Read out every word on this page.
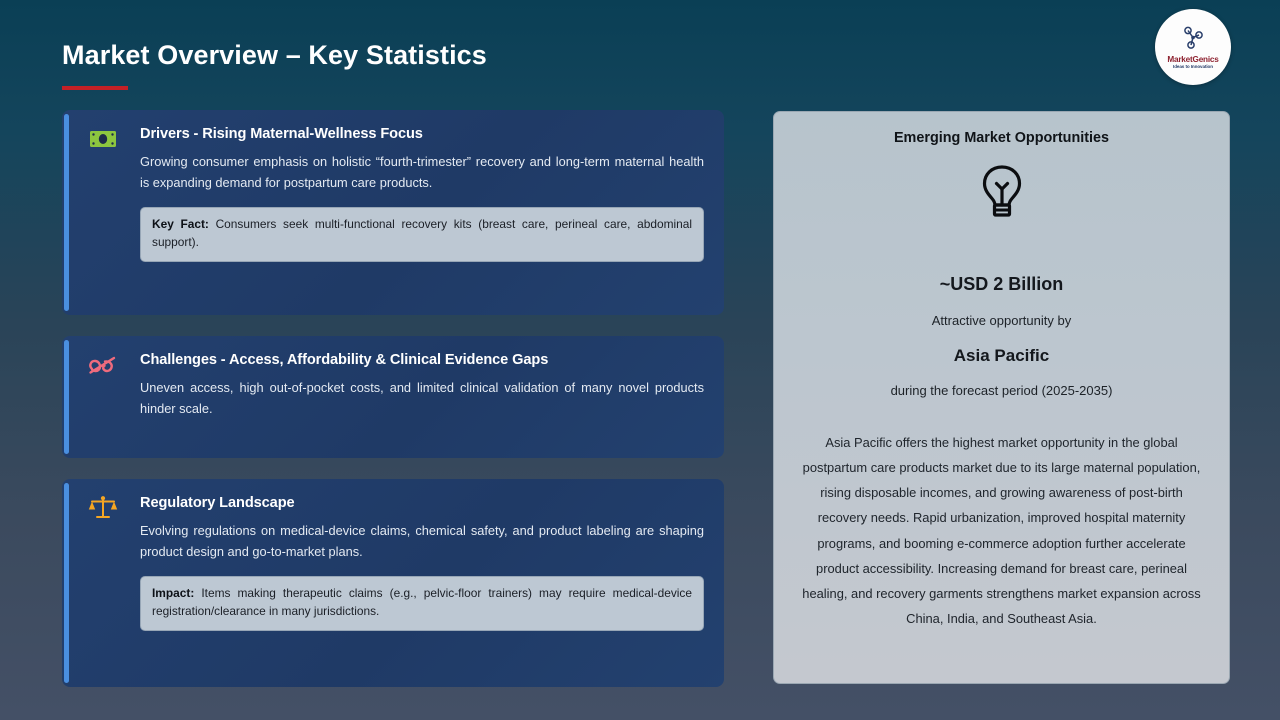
Market Overview – Key Statistics	MarketGenics
Ideas to Innovation
Drivers - Rising Maternal-Wellness Focus

Growing consumer emphasis on holistic “fourth-trimester” recovery and long-term maternal health is expanding demand for postpartum care products.

Key Fact: Consumers seek multi-functional recovery kits (breast care, perineal care, abdominal support).
Challenges - Access, Affordability & Clinical Evidence Gaps

Uneven access, high out-of-pocket costs, and limited clinical validation of many novel products hinder scale.

Regulatory Landscape

Evolving regulations on medical-device claims, chemical safety, and product labeling are shaping product design and go-to-market plans.

Impact: Items making therapeutic claims (e.g., pelvic-floor trainers) may require medical-device registration/clearance in many jurisdictions.
Emerging Market Opportunities
~USD 2 Billion
Attractive opportunity by
Asia Pacific
during the forecast period (2025-2035)
Asia Pacific offers the highest market opportunity in the global postpartum care products market due to its large maternal population, rising disposable incomes, and growing awareness of post-birth recovery needs. Rapid urbanization, improved hospital maternity programs, and booming e-commerce adoption further accelerate product accessibility. Increasing demand for breast care, perineal healing, and recovery garments strengthens market expansion across China, India, and Southeast Asia.
